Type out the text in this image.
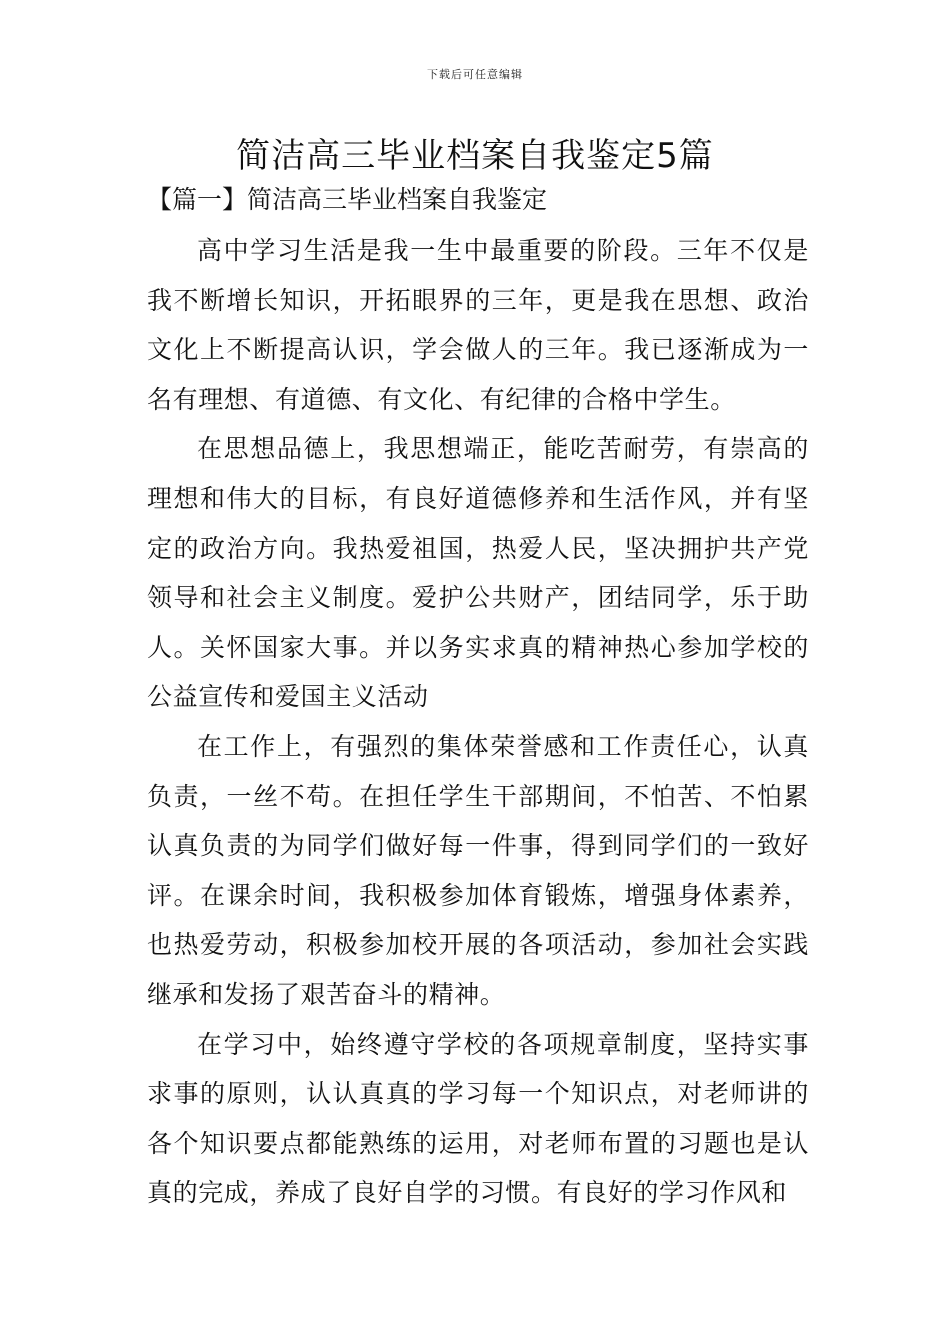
下载后可任意编辑
简洁高三毕业档案自我鉴定5篇
【篇一】简洁高三毕业档案自我鉴定

高中学习生活是我一生中最重要的阶段。三年不仅是我不断增长知识，开拓眼界的三年，更是我在思想、政治文化上不断提高认识，学会做人的三年。我已逐渐成为一名有理想、有道德、有文化、有纪律的合格中学生。

在思想品德上，我思想端正，能吃苦耐劳，有崇高的理想和伟大的目标，有良好道德修养和生活作风，并有坚定的政治方向。我热爱祖国，热爱人民，坚决拥护共产党领导和社会主义制度。爱护公共财产，团结同学，乐于助人。关怀国家大事。并以务实求真的精神热心参加学校的公益宣传和爱国主义活动

在工作上，有强烈的集体荣誉感和工作责任心，认真负责，一丝不苟。在担任学生干部期间，不怕苦、不怕累认真负责的为同学们做好每一件事，得到同学们的一致好评。在课余时间，我积极参加体育锻炼，增强身体素养，也热爱劳动，积极参加校开展的各项活动，参加社会实践继承和发扬了艰苦奋斗的精神。

在学习中，始终遵守学校的各项规章制度，坚持实事求事的原则，认认真真的学习每一个知识点，对老师讲的各个知识要点都能熟练的运用，对老师布置的习题也是认真的完成，养成了良好自学的习惯。有良好的学习作风和
